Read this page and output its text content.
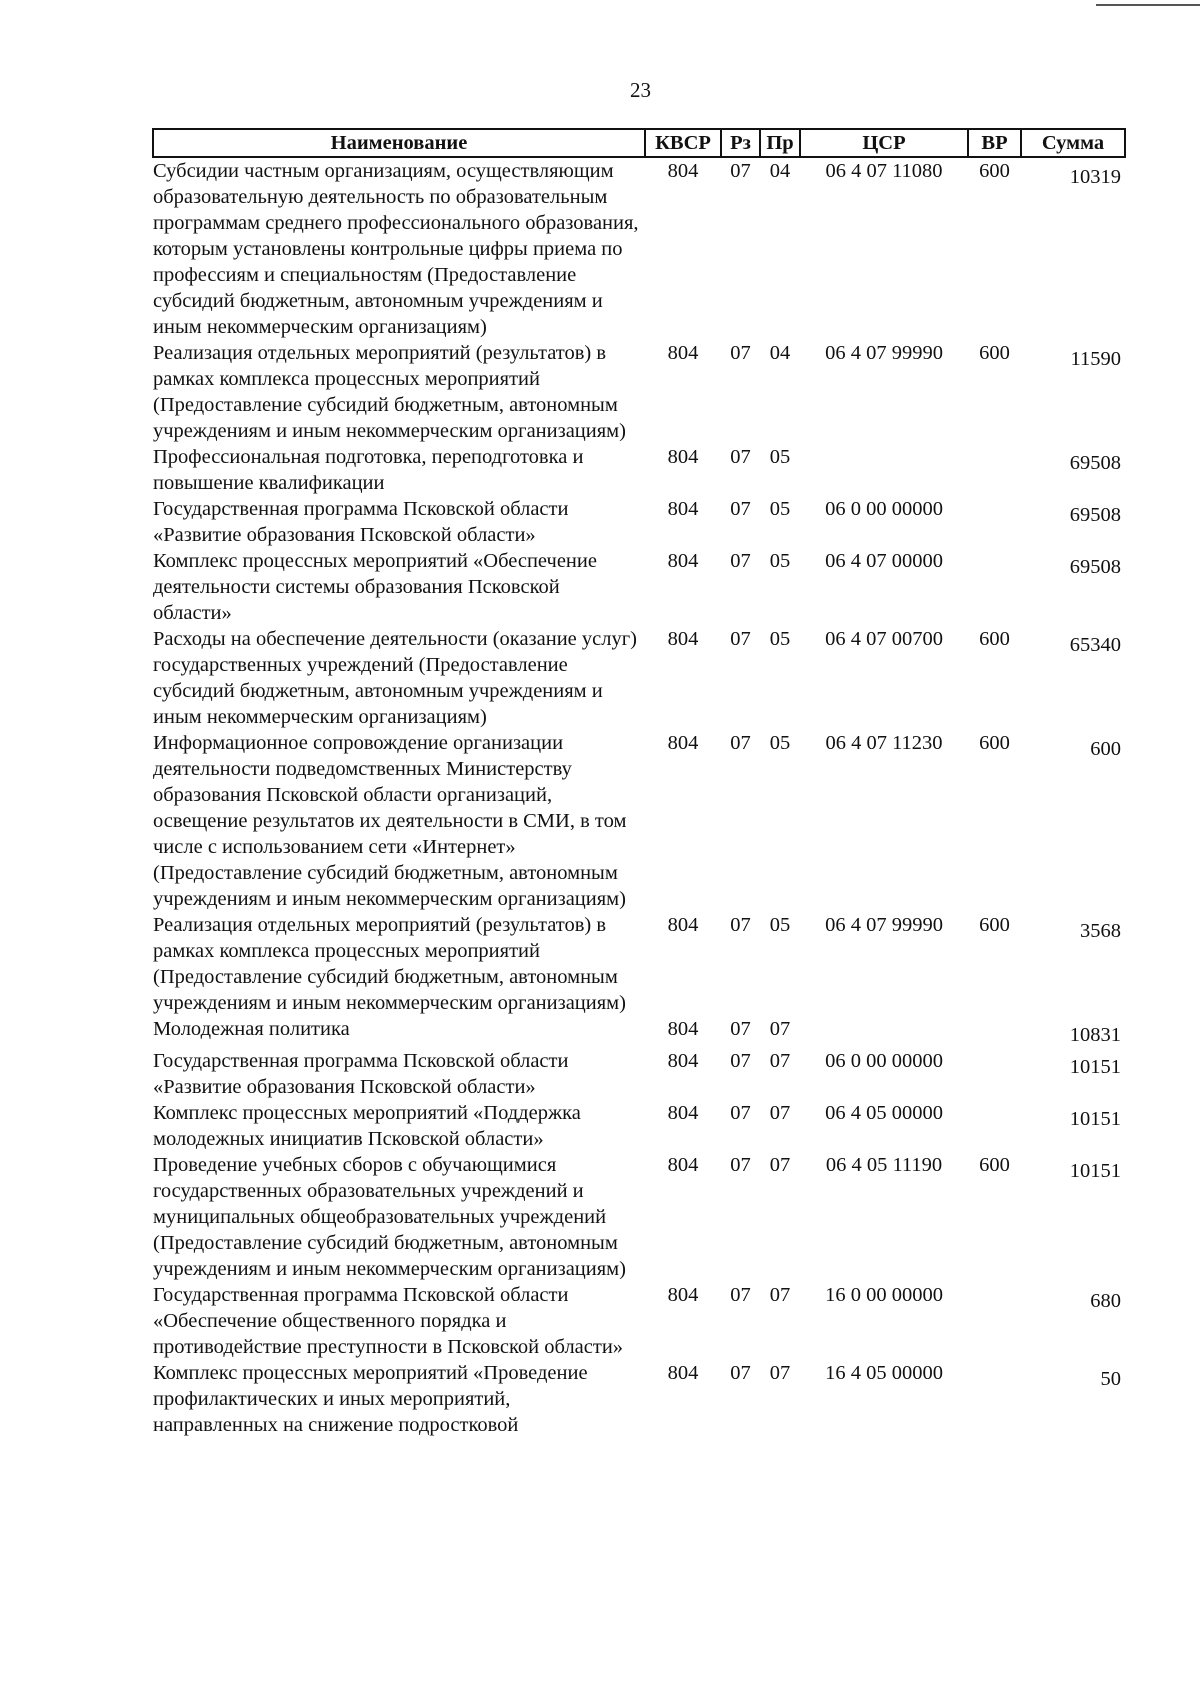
23
Наименование	КВСР	Рз	Пр	ЦСР	ВР	Сумма
Субсидии частным организациям, осуществляющим образовательную деятельность по образовательным программам среднего профессионального образования, которым установлены контрольные цифры приема по профессиям и специальностям (Предоставление субсидий бюджетным, автономным учреждениям и иным некоммерческим организациям)	804	07	04	06 4 07 11080	600	10319
Реализация отдельных мероприятий (результатов) в рамках комплекса процессных мероприятий (Предоставление субсидий бюджетным, автономным учреждениям и иным некоммерческим организациям)	804	07	04	06 4 07 99990	600	11590
Профессиональная подготовка, переподготовка и повышение квалификации	804	07	05			69508
Государственная программа Псковской области «Развитие образования Псковской области»	804	07	05	06 0 00 00000		69508
Комплекс процессных мероприятий «Обеспечение деятельности системы образования Псковской области»	804	07	05	06 4 07 00000		69508
Расходы на обеспечение деятельности (оказание услуг) государственных учреждений (Предоставление субсидий бюджетным, автономным учреждениям и иным некоммерческим организациям)	804	07	05	06 4 07 00700	600	65340
Информационное сопровождение организации деятельности подведомственных Министерству образования Псковской области организаций, освещение результатов их деятельности в СМИ, в том числе с использованием сети «Интернет» (Предоставление субсидий бюджетным, автономным учреждениям и иным некоммерческим организациям)	804	07	05	06 4 07 11230	600	600
Реализация отдельных мероприятий (результатов) в рамках комплекса процессных мероприятий (Предоставление субсидий бюджетным, автономным учреждениям и иным некоммерческим организациям)	804	07	05	06 4 07 99990	600	3568
Молодежная политика	804	07	07			10831
Государственная программа Псковской области «Развитие образования Псковской области»	804	07	07	06 0 00 00000		10151
Комплекс процессных мероприятий «Поддержка молодежных инициатив Псковской области»	804	07	07	06 4 05 00000		10151
Проведение учебных сборов с обучающимися государственных образовательных учреждений и муниципальных общеобразовательных учреждений (Предоставление субсидий бюджетным, автономным учреждениям и иным некоммерческим организациям)	804	07	07	06 4 05 11190	600	10151
Государственная программа Псковской области «Обеспечение общественного порядка и противодействие преступности в Псковской области»	804	07	07	16 0 00 00000		680
Комплекс процессных мероприятий «Проведение профилактических и иных мероприятий, направленных на снижение подростковой	804	07	07	16 4 05 00000		50
